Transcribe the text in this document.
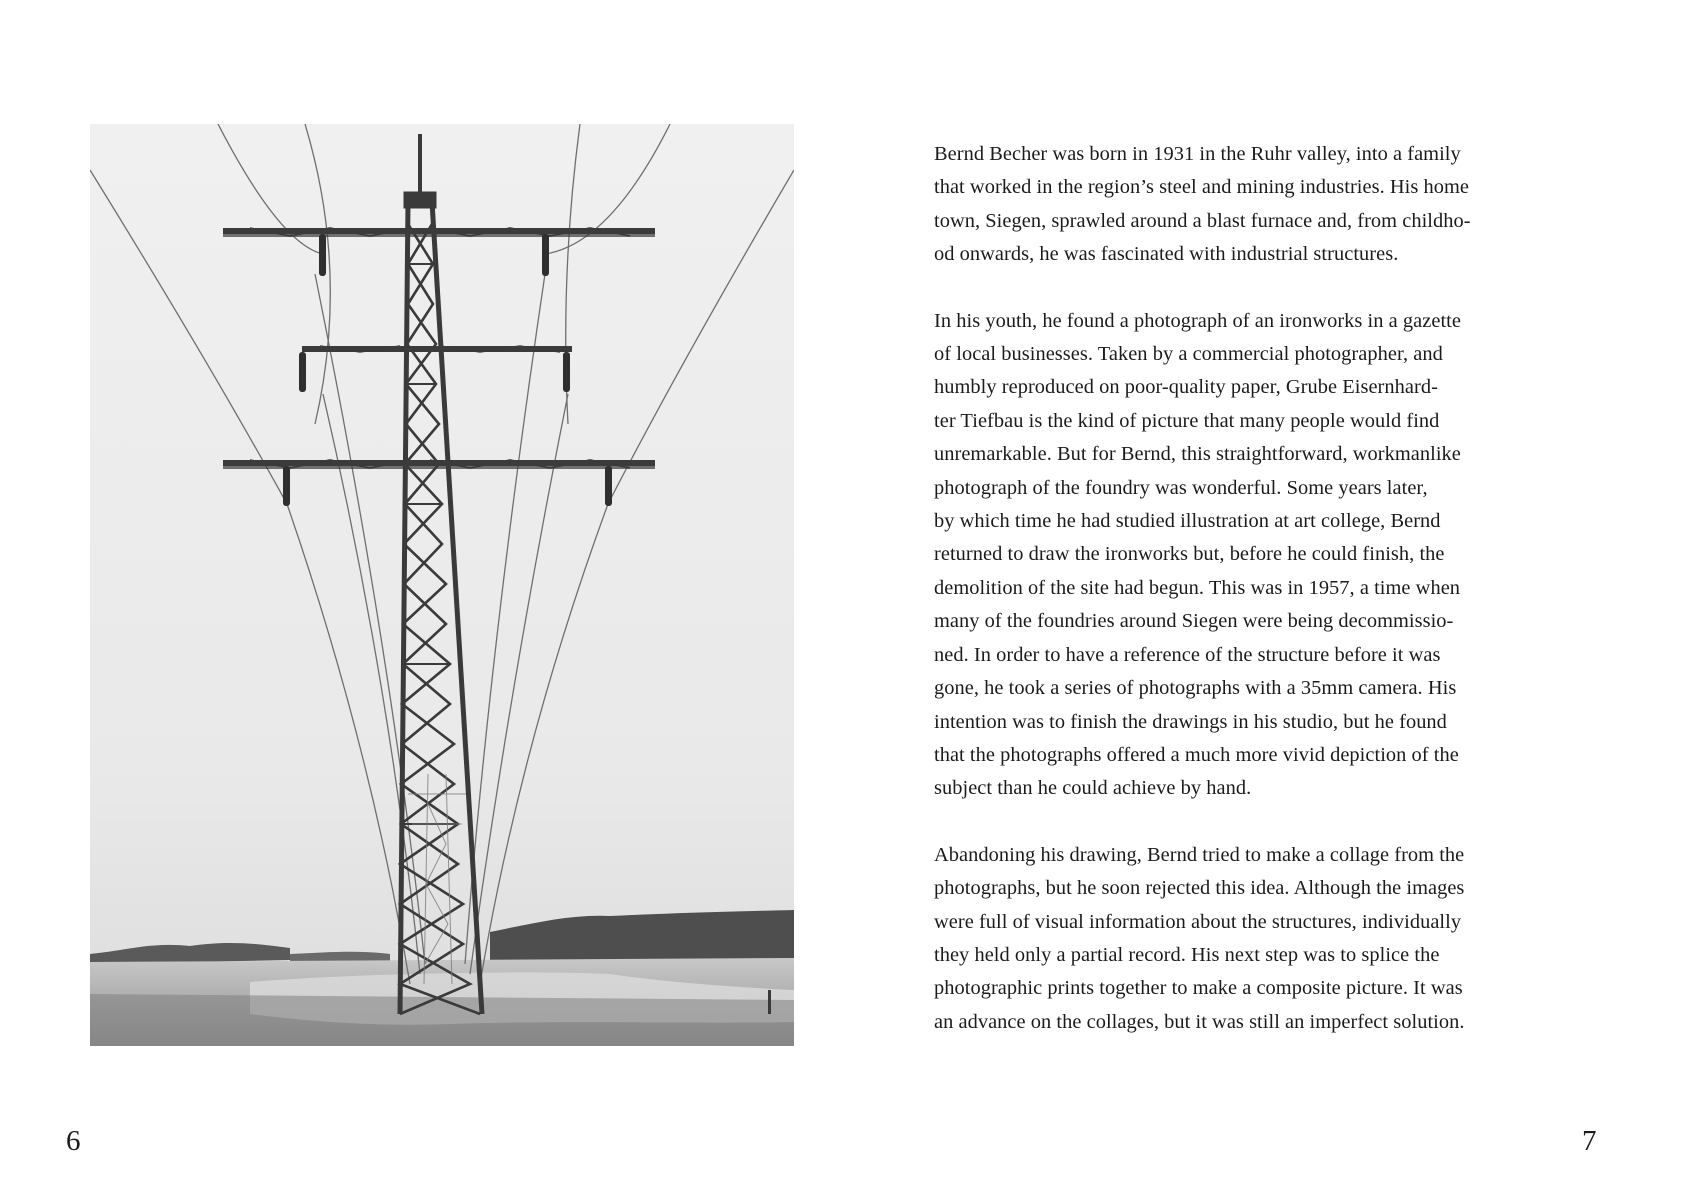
Bernd Becher was born in 1931 in the Ruhr valley, into a family
that worked in the region’s steel and mining industries. His home
town, Siegen, sprawled around a blast furnace and, from childho-
od onwards, he was fascinated with industrial structures.

In his youth, he found a photograph of an ironworks in a gazette
of local businesses. Taken by a commercial photographer, and
humbly reproduced on poor-quality paper, Grube Eisernhard-
ter Tiefbau is the kind of picture that many people would find
unremarkable. But for Bernd, this straightforward, workmanlike
photograph of the foundry was wonderful. Some years later,
by which time he had studied illustration at art college, Bernd
returned to draw the ironworks but, before he could finish, the
demolition of the site had begun. This was in 1957, a time when
many of the foundries around Siegen were being decommissio-
ned. In order to have a reference of the structure before it was
gone, he took a series of photographs with a 35mm camera. His
intention was to finish the drawings in his studio, but he found
that the photographs offered a much more vivid depiction of the
subject than he could achieve by hand.

Abandoning his drawing, Bernd tried to make a collage from the
photographs, but he soon rejected this idea. Although the images
were full of visual information about the structures, individually
they held only a partial record. His next step was to splice the
photographic prints together to make a composite picture. It was
an advance on the collages, but it was still an imperfect solution.

6	7
